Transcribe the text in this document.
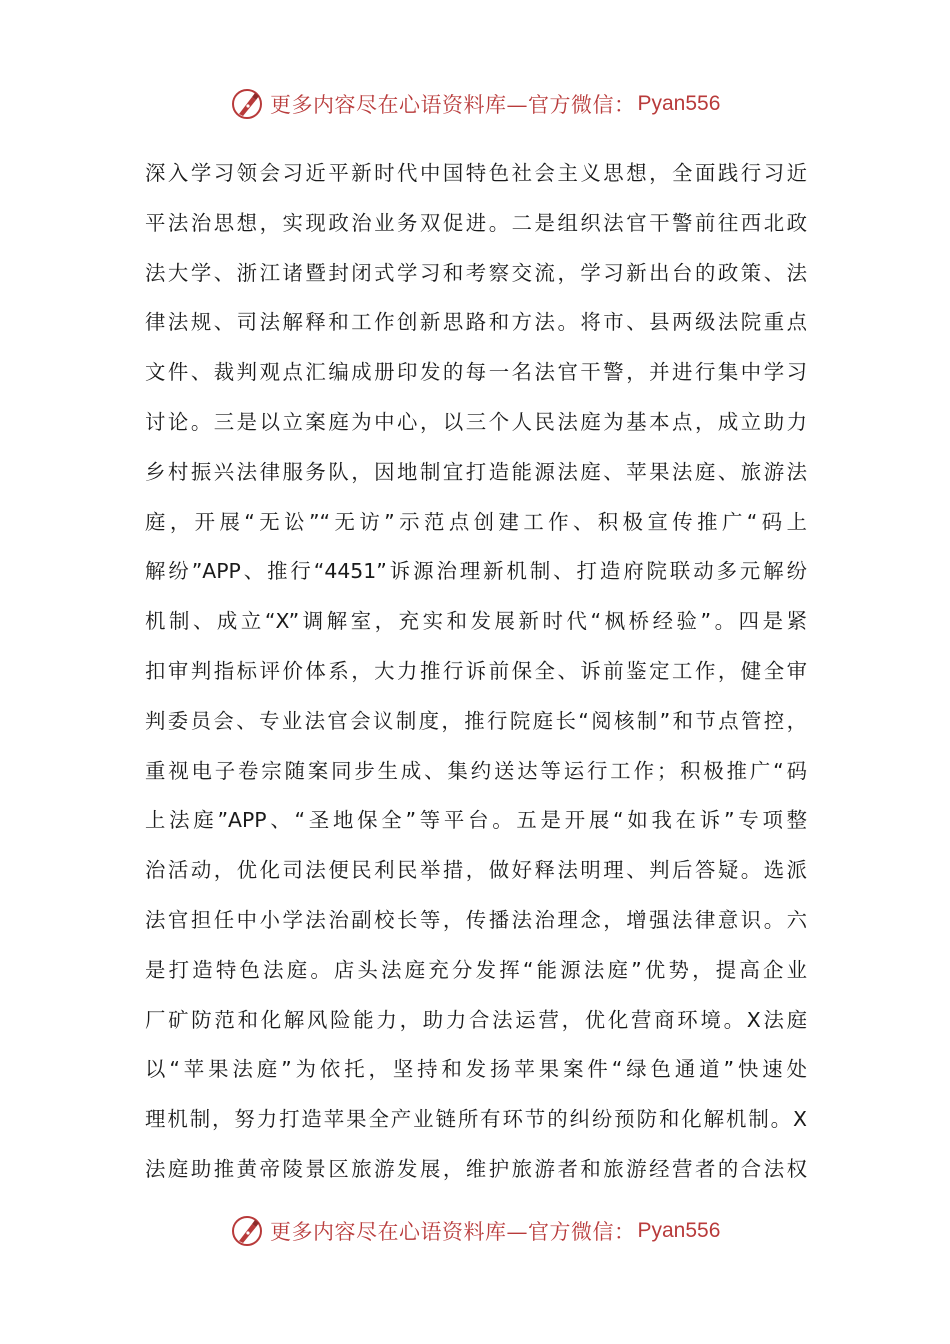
更多内容尽在心语资料库—官方微信： Pyan556
深入学习领会习近平新时代中国特色社会主义思想，全面践行习近
平法治思想，实现政治业务双促进。二是组织法官干警前往西北政
法大学、浙江诸暨封闭式学习和考察交流，学习新出台的政策、法
律法规、司法解释和工作创新思路和方法。将市、县两级法院重点
文件、裁判观点汇编成册印发的每一名法官干警，并进行集中学习
讨论。三是以立案庭为中心，以三个人民法庭为基本点，成立助力
乡村振兴法律服务队，因地制宜打造能源法庭、苹果法庭、旅游法
庭，开展“无讼”“无访”示范点创建工作、积极宣传推广“码上
解纷”APP、推行“4451”诉源治理新机制、打造府院联动多元解纷
机制、成立“X”调解室，充实和发展新时代“枫桥经验”。四是紧
扣审判指标评价体系，大力推行诉前保全、诉前鉴定工作，健全审
判委员会、专业法官会议制度，推行院庭长“阅核制”和节点管控，
重视电子卷宗随案同步生成、集约送达等运行工作；积极推广“码
上法庭”APP、“圣地保全”等平台。五是开展“如我在诉”专项整
治活动，优化司法便民利民举措，做好释法明理、判后答疑。选派
法官担任中小学法治副校长等，传播法治理念，增强法律意识。六
是打造特色法庭。店头法庭充分发挥“能源法庭”优势，提高企业
厂矿防范和化解风险能力，助力合法运营，优化营商环境。X法庭
以“苹果法庭”为依托，坚持和发扬苹果案件“绿色通道”快速处
理机制，努力打造苹果全产业链所有环节的纠纷预防和化解机制。X
法庭助推黄帝陵景区旅游发展，维护旅游者和旅游经营者的合法权
更多内容尽在心语资料库—官方微信： Pyan556
